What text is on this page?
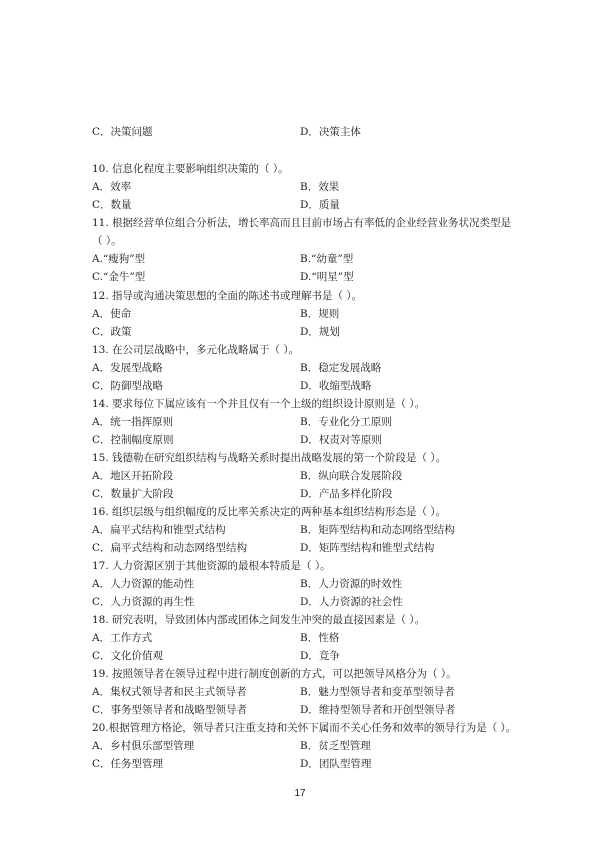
C．决策问题	D．决策主体
10. 信息化程度主要影响组织决策的（ ）。
A．效率	B．效果
C．数量	D．质量
11. 根据经营单位组合分析法，增长率高而且目前市场占有率低的企业经营业务状况类型是
（ ）。
A.“瘦狗”型	B.“幼童”型
C.“金牛”型	D.“明星”型
12. 指导或沟通决策思想的全面的陈述书或理解书是（ ）。
A．使命	B．规则
C．政策	D．规划
13. 在公司层战略中，多元化战略属于（ ）。
A．发展型战略	B．稳定发展战略
C．防御型战略	D．收缩型战略
14. 要求每位下属应该有一个并且仅有一个上级的组织设计原则是（ ）。
A．统一指挥原则	B．专业化分工原则
C．控制幅度原则	D．权责对等原则
15. 钱德勒在研究组织结构与战略关系时提出战略发展的第一个阶段是（ ）。
A．地区开拓阶段	B．纵向联合发展阶段
C．数量扩大阶段	D．产品多样化阶段
16. 组织层级与组织幅度的反比率关系决定的两种基本组织结构形态是（ ）。
A．扁平式结构和锥型式结构	B．矩阵型结构和动态网络型结构
C．扁平式结构和动态网络型结构	D．矩阵型结构和锥型式结构
17. 人力资源区别于其他资源的最根本特质是（ ）。
A．人力资源的能动性	B．人力资源的时效性
C．人力资源的再生性	D．人力资源的社会性
18. 研究表明，导致团体内部或团体之间发生冲突的最直接因素是（ ）。
A．工作方式	B．性格
C．文化价值观	D．竞争
19. 按照领导者在领导过程中进行制度创新的方式，可以把领导风格分为（ ）。
A．集权式领导者和民主式领导者	B．魅力型领导者和变革型领导者
C．事务型领导者和战略型领导者	D．维持型领导者和开创型领导者
20.根据管理方格论，领导者只注重支持和关怀下属而不关心任务和效率的领导行为是（ ）。
A．乡村俱乐部型管理	B．贫乏型管理
C．任务型管理	D．团队型管理
17
